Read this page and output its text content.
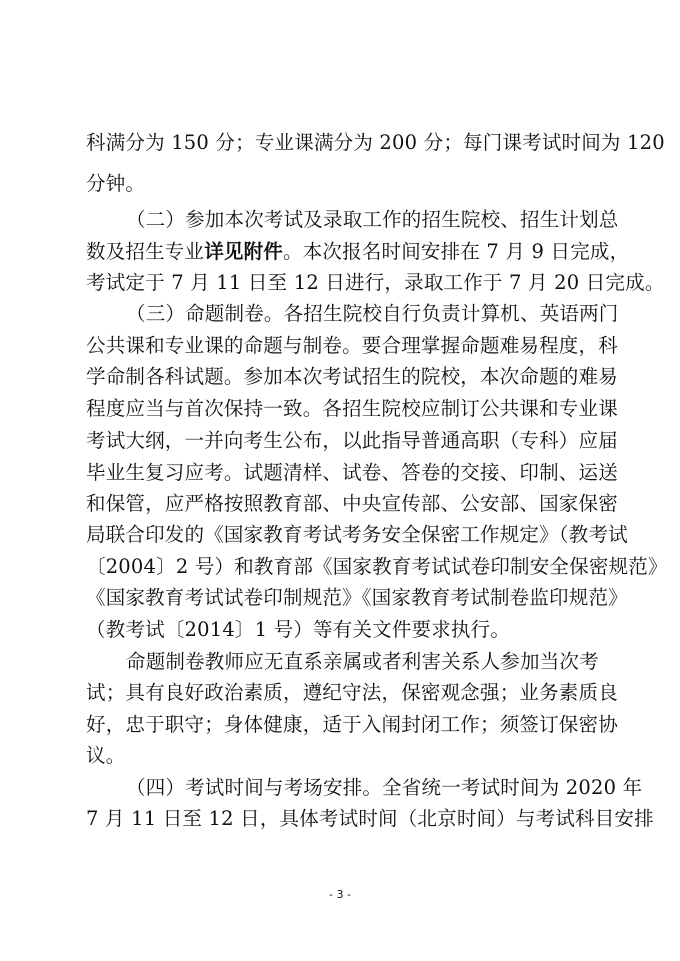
科满分为 150 分；专业课满分为 200 分；每门课考试时间为 120
分钟。
（二）参加本次考试及录取工作的招生院校、招生计划总
数及招生专业详见附件。本次报名时间安排在 7 月 9 日完成，
考试定于 7 月 11 日至 12 日进行，录取工作于 7 月 20 日完成。
（三）命题制卷。各招生院校自行负责计算机、英语两门
公共课和专业课的命题与制卷。要合理掌握命题难易程度，科
学命制各科试题。参加本次考试招生的院校，本次命题的难易
程度应当与首次保持一致。各招生院校应制订公共课和专业课
考试大纲，一并向考生公布，以此指导普通高职（专科）应届
毕业生复习应考。试题清样、试卷、答卷的交接、印制、运送
和保管，应严格按照教育部、中央宣传部、公安部、国家保密
局联合印发的《国家教育考试考务安全保密工作规定》（教考试
〔2004〕2 号）和教育部《国家教育考试试卷印制安全保密规范》
《国家教育考试试卷印制规范》《国家教育考试制卷监印规范》
（教考试〔2014〕1 号）等有关文件要求执行。
命题制卷教师应无直系亲属或者利害关系人参加当次考
试；具有良好政治素质，遵纪守法，保密观念强；业务素质良
好，忠于职守；身体健康，适于入闱封闭工作；须签订保密协
议。
（四）考试时间与考场安排。全省统一考试时间为 2020 年
7 月 11 日至 12 日，具体考试时间（北京时间）与考试科目安排
- 3 -
